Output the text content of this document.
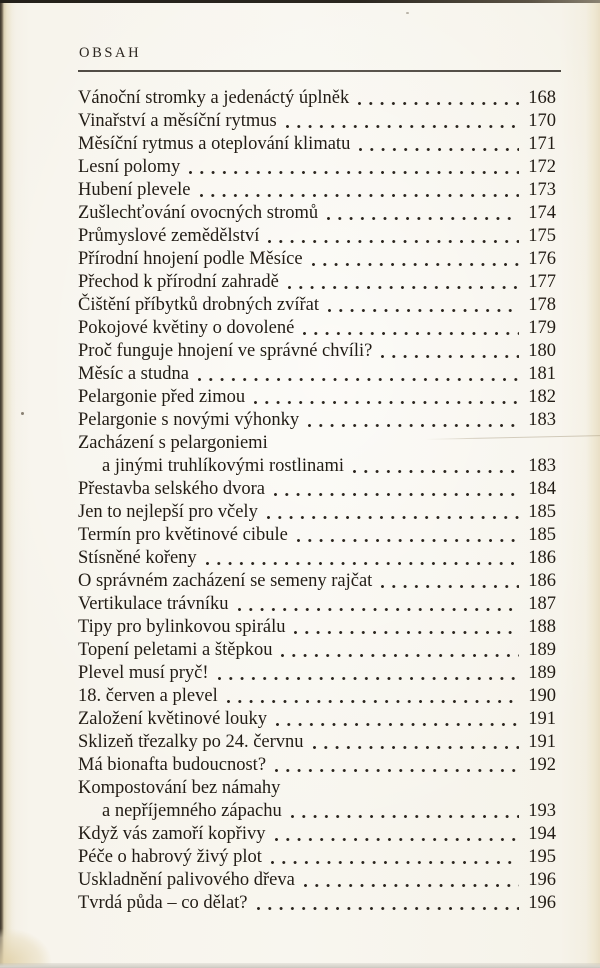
OBSAH
Vánoční stromky a jedenáctý úplněk	168
Vinařství a měsíční rytmus	170
Měsíční rytmus a oteplování klimatu	171
Lesní polomy	172
Hubení plevele	173
Zušlechťování ovocných stromů	174
Průmyslové zemědělství	175
Přírodní hnojení podle Měsíce	176
Přechod k přírodní zahradě	177
Čištění příbytků drobných zvířat	178
Pokojové květiny o dovolené	179
Proč funguje hnojení ve správné chvíli?	180
Měsíc a studna	181
Pelargonie před zimou	182
Pelargonie s novými výhonky	183
Zacházení s pelargoniemi
a jinými truhlíkovými rostlinami	183
Přestavba selského dvora	184
Jen to nejlepší pro včely	185
Termín pro květinové cibule	185
Stísněné kořeny	186
O správném zacházení se semeny rajčat	186
Vertikulace trávníku	187
Tipy pro bylinkovou spirálu	188
Topení peletami a štěpkou	189
Plevel musí pryč!	189
18. červen a plevel	190
Založení květinové louky	191
Sklizeň třezalky po 24. červnu	191
Má bionafta budoucnost?	192
Kompostování bez námahy
a nepříjemného zápachu	193
Když vás zamoří kopřivy	194
Péče o habrový živý plot	195
Uskladnění palivového dřeva	196
Tvrdá půda – co dělat?	196
